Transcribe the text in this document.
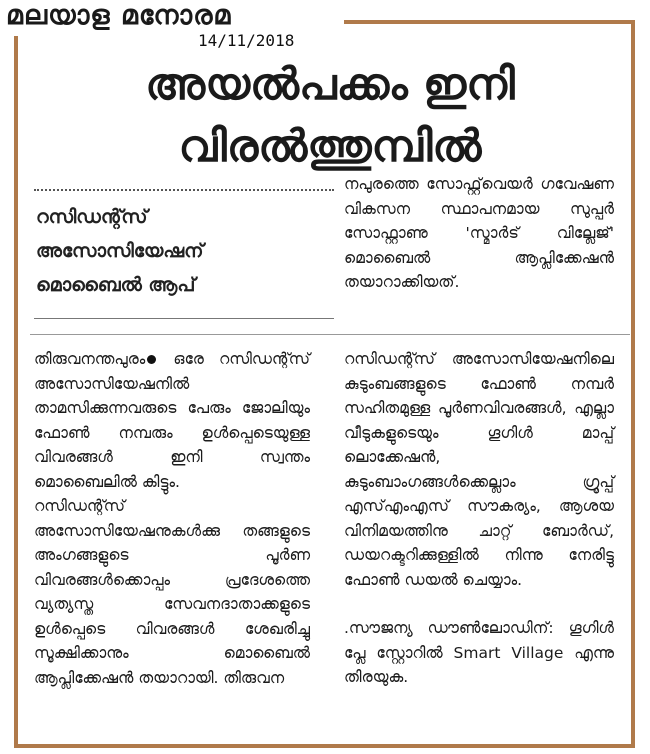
മലയാള മനോരമ
14/11/2018
അയൽപക്കം ഇനി
വിരൽത്തുമ്പിൽ
റസിഡന്റ്സ്
അസോസിയേഷന്
മൊബൈൽ ആപ്

നപുരത്തെ സോഫ്റ്റ്‌വെയർ ഗവേഷണ വികസന സ്ഥാപനമായ സുപ്പർ സോഫ്റ്റാണു 'സ്മാർട് വില്ലേജ്' മൊബൈൽ ആപ്ലിക്കേഷൻ തയാറാക്കിയത്.

തിരുവനന്തപുരം ഒരേ റസിഡന്റ്സ് അസോസിയേഷനിൽ താമസിക്കുന്നവരുടെ പേരും ജോലിയും ഫോൺ നമ്പരും ഉൾപ്പെടെയുള്ള വിവരങ്ങൾ ഇനി സ്വന്തം മൊബൈലിൽ കിട്ടും.

റസിഡന്റ്സ് അസോസിയേഷനുകൾക്കു തങ്ങളുടെ അംഗങ്ങളുടെ പൂർണ വിവരങ്ങൾക്കൊപ്പം പ്രദേശത്തെ വ്യത്യസ്ത സേവനദാതാക്കളുടെ ഉൾപ്പെടെ വിവരങ്ങൾ ശേഖരിച്ചു സൂക്ഷിക്കാനും മൊബൈൽ ആപ്ലിക്കേഷൻ തയാറായി. തിരുവന

റസിഡന്റ്സ് അസോസിയേഷനിലെ കുടുംബങ്ങളുടെ ഫോൺ നമ്പർ സഹിതമുള്ള പൂർണവിവരങ്ങൾ, എല്ലാ വീടുകളുടെയും ഗൂഗിൾ മാപ്പ് ലൊക്കേഷൻ, കുടുംബാംഗങ്ങൾക്കെല്ലാം ഗ്രൂപ്പ് എസ്എംഎസ് സൗകര്യം, ആശയ വിനിമയത്തിനു ചാറ്റ് ബോർഡ്, ഡയറക്ടറിക്കുള്ളിൽ നിന്നു നേരിട്ടു ഫോൺ ഡയൽ ചെയ്യാം.

.സൗജന്യ ഡൗൺലോഡിന്: ഗൂഗിൾ പ്ലേ സ്റ്റോറിൽ Smart Village എന്നു തിരയുക.
